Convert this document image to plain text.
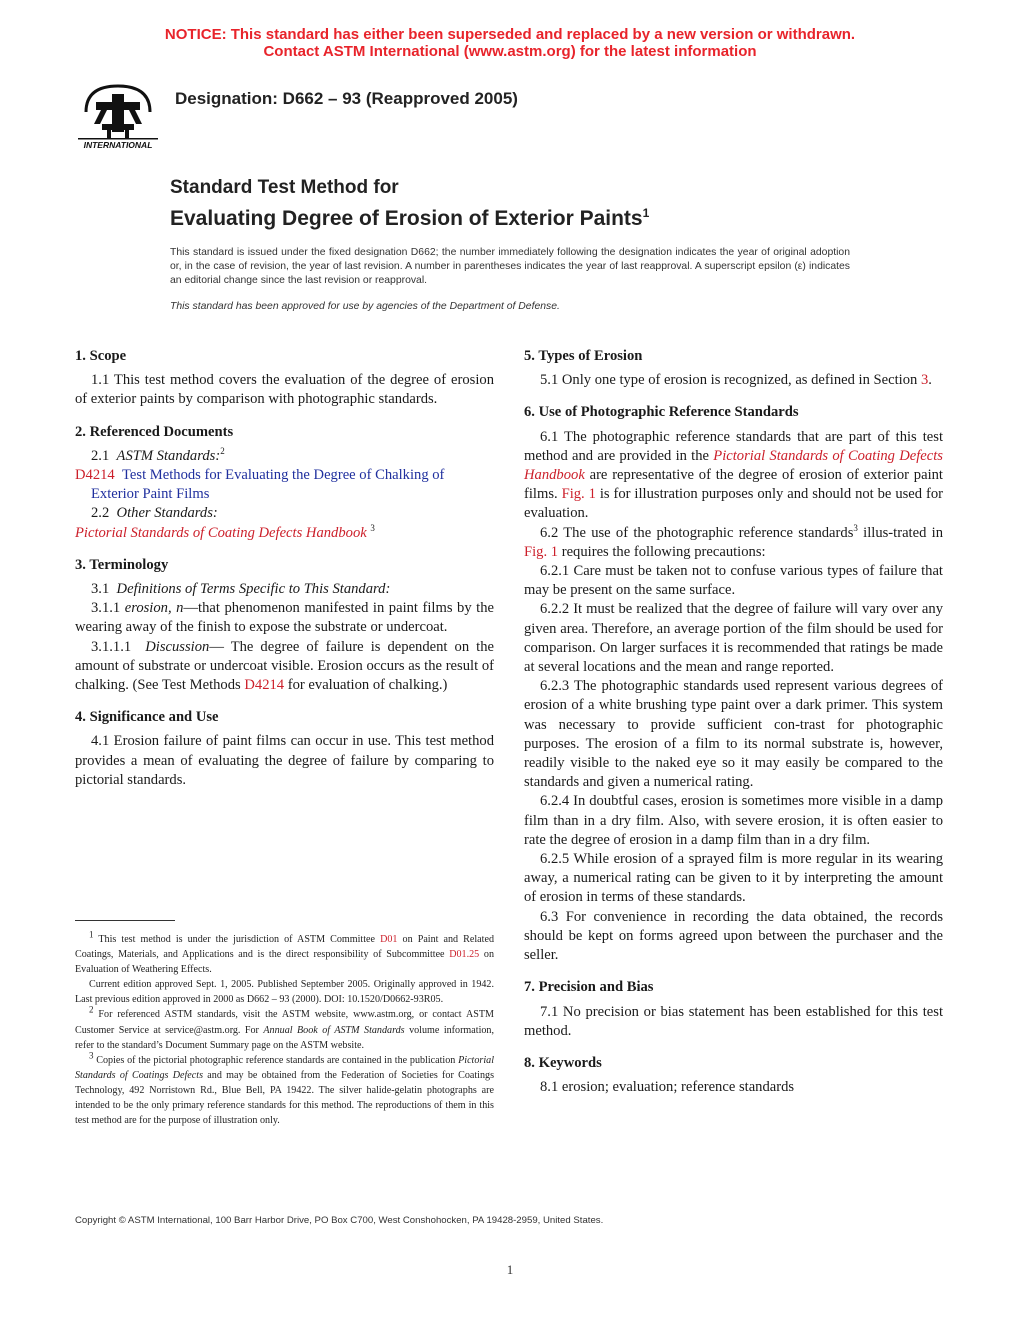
NOTICE: This standard has either been superseded and replaced by a new version or withdrawn.
Contact ASTM International (www.astm.org) for the latest information
INTERNATIONAL
Designation: D662 – 93 (Reapproved 2005)
Standard Test Method for
Evaluating Degree of Erosion of Exterior Paints$^1$
This standard is issued under the fixed designation D662; the number immediately following the designation indicates the year of original adoption or, in the case of revision, the year of last revision. A number in parentheses indicates the year of last reapproval. A superscript epsilon (ε) indicates an editorial change since the last revision or reapproval.
This standard has been approved for use by agencies of the Department of Defense.
1. Scope

1.1 This test method covers the evaluation of the degree of erosion of exterior paints by comparison with photographic standards.

2. Referenced Documents

2.1 ASTM Standards:$^2$

D4214 Test Methods for Evaluating the Degree of Chalking of Exterior Paint Films

2.2 Other Standards:

Pictorial Standards of Coating Defects Handbook $^3$

3. Terminology

3.1 Definitions of Terms Specific to This Standard:

3.1.1 erosion, n—that phenomenon manifested in paint films by the wearing away of the finish to expose the substrate or undercoat.

3.1.1.1 Discussion— The degree of failure is dependent on the amount of substrate or undercoat visible. Erosion occurs as the result of chalking. (See Test Methods D4214 for evaluation of chalking.)

4. Significance and Use

4.1 Erosion failure of paint films can occur in use. This test method provides a mean of evaluating the degree of failure by comparing to pictorial standards.

$^1$ This test method is under the jurisdiction of ASTM Committee D01 on Paint and Related Coatings, Materials, and Applications and is the direct responsibility of Subcommittee D01.25 on Evaluation of Weathering Effects.

Current edition approved Sept. 1, 2005. Published September 2005. Originally approved in 1942. Last previous edition approved in 2000 as D662 – 93 (2000). DOI: 10.1520/D0662-93R05.

$^2$ For referenced ASTM standards, visit the ASTM website, www.astm.org, or contact ASTM Customer Service at service@astm.org. For Annual Book of ASTM Standards volume information, refer to the standard’s Document Summary page on the ASTM website.

$^3$ Copies of the pictorial photographic reference standards are contained in the publication Pictorial Standards of Coatings Defects and may be obtained from the Federation of Societies for Coatings Technology, 492 Norristown Rd., Blue Bell, PA 19422. The silver halide-gelatin photographs are intended to be the only primary reference standards for this method. The reproductions of them in this test method are for the purpose of illustration only.

5. Types of Erosion

5.1 Only one type of erosion is recognized, as defined in Section 3.

6. Use of Photographic Reference Standards

6.1 The photographic reference standards that are part of this test method and are provided in the Pictorial Standards of Coating Defects Handbook are representative of the degree of erosion of exterior paint films. Fig. 1 is for illustration purposes only and should not be used for evaluation.

6.2 The use of the photographic reference standards$^3$ illus-trated in Fig. 1 requires the following precautions:

6.2.1 Care must be taken not to confuse various types of failure that may be present on the same surface.

6.2.2 It must be realized that the degree of failure will vary over any given area. Therefore, an average portion of the film should be used for comparison. On larger surfaces it is recommended that ratings be made at several locations and the mean and range reported.

6.2.3 The photographic standards used represent various degrees of erosion of a white brushing type paint over a dark primer. This system was necessary to provide sufficient con-trast for photographic purposes. The erosion of a film to its normal substrate is, however, readily visible to the naked eye so it may easily be compared to the standards and given a numerical rating.

6.2.4 In doubtful cases, erosion is sometimes more visible in a damp film than in a dry film. Also, with severe erosion, it is often easier to rate the degree of erosion in a damp film than in a dry film.

6.2.5 While erosion of a sprayed film is more regular in its wearing away, a numerical rating can be given to it by interpreting the amount of erosion in terms of these standards.

6.3 For convenience in recording the data obtained, the records should be kept on forms agreed upon between the purchaser and the seller.

7. Precision and Bias

7.1 No precision or bias statement has been established for this test method.

8. Keywords

8.1 erosion; evaluation; reference standards

Copyright © ASTM International, 100 Barr Harbor Drive, PO Box C700, West Conshohocken, PA 19428-2959, United States.
1
